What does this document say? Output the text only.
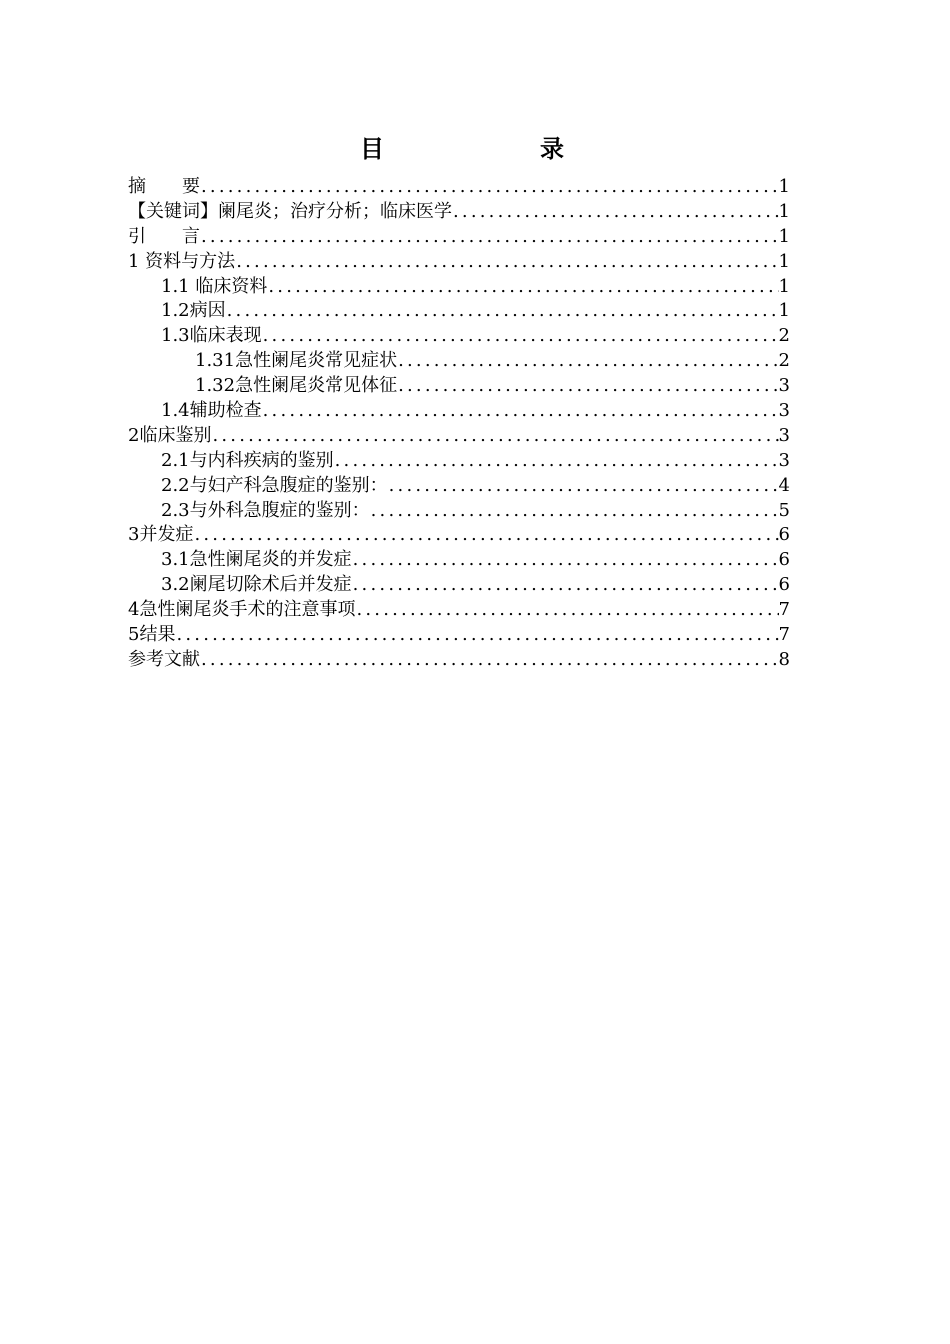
目　　录
摘　　要 .....	1
【关键词】阑尾炎；治疗分析；临床医学 .....	1
引　　言 .....	1
1 资料与方法 .....	1
1.1 临床资料 .....	1
1.2病因 .....	1
1.3临床表现 .....	2
1.31急性阑尾炎常见症状 .....	2
1.32急性阑尾炎常见体征 .....	3
1.4辅助检查 .....	3
2临床鉴别 .....	3
2.1与内科疾病的鉴别 .....	3
2.2与妇产科急腹症的鉴别： .....	4
2.3与外科急腹症的鉴别： .....	5
3并发症 .....	6
3.1急性阑尾炎的并发症 .....	6
3.2阑尾切除术后并发症 .....	6
4急性阑尾炎手术的注意事项 .....	7
5结果 .....	7
参考文献 .....	8
